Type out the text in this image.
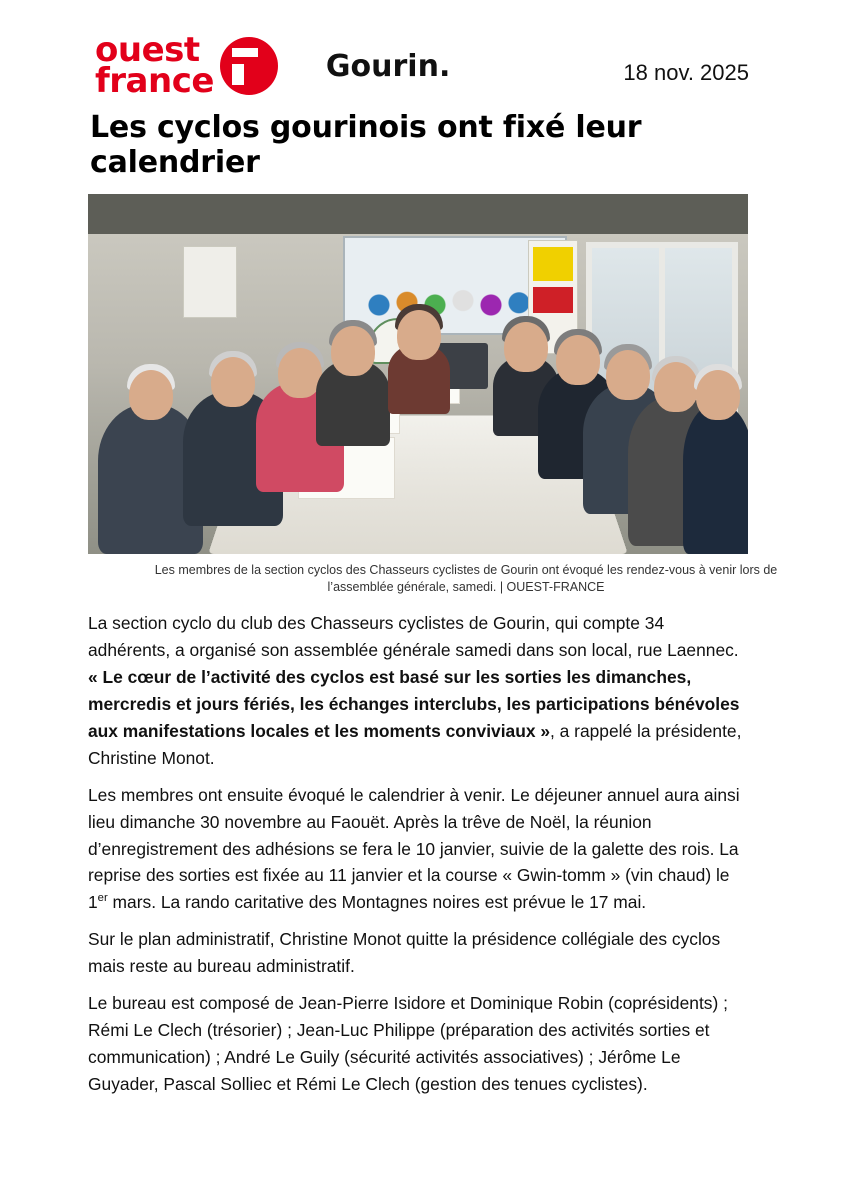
ouest
france	Gourin.	18 nov. 2025
Les cyclos gourinois ont fixé leur calendrier
Les membres de la section cyclos des Chasseurs cyclistes de Gourin ont évoqué les rendez-vous à venir lors de l’assemblée générale, samedi. | OUEST-FRANCE

La section cyclo du club des Chasseurs cyclistes de Gourin, qui compte 34 adhérents, a organisé son assemblée générale samedi dans son local, rue Laennec. « Le cœur de l’activité des cyclos est basé sur les sorties les dimanches, mercredis et jours fériés, les échanges interclubs, les participations bénévoles aux manifestations locales et les moments conviviaux », a rappelé la présidente, Christine Monot.

Les membres ont ensuite évoqué le calendrier à venir. Le déjeuner annuel aura ainsi lieu dimanche 30 novembre au Faouët. Après la trêve de Noël, la réunion d’enregistrement des adhésions se fera le 10 janvier, suivie de la galette des rois. La reprise des sorties est fixée au 11 janvier et la course « Gwin-tomm » (vin chaud) le 1er mars. La rando caritative des Montagnes noires est prévue le 17 mai.

Sur le plan administratif, Christine Monot quitte la présidence collégiale des cyclos mais reste au bureau administratif.

Le bureau est composé de Jean-Pierre Isidore et Dominique Robin (coprésidents) ; Rémi Le Clech (trésorier) ; Jean-Luc Philippe (préparation des activités sorties et communication) ; André Le Guily (sécurité activités associatives) ; Jérôme Le Guyader, Pascal Solliec et Rémi Le Clech (gestion des tenues cyclistes).
